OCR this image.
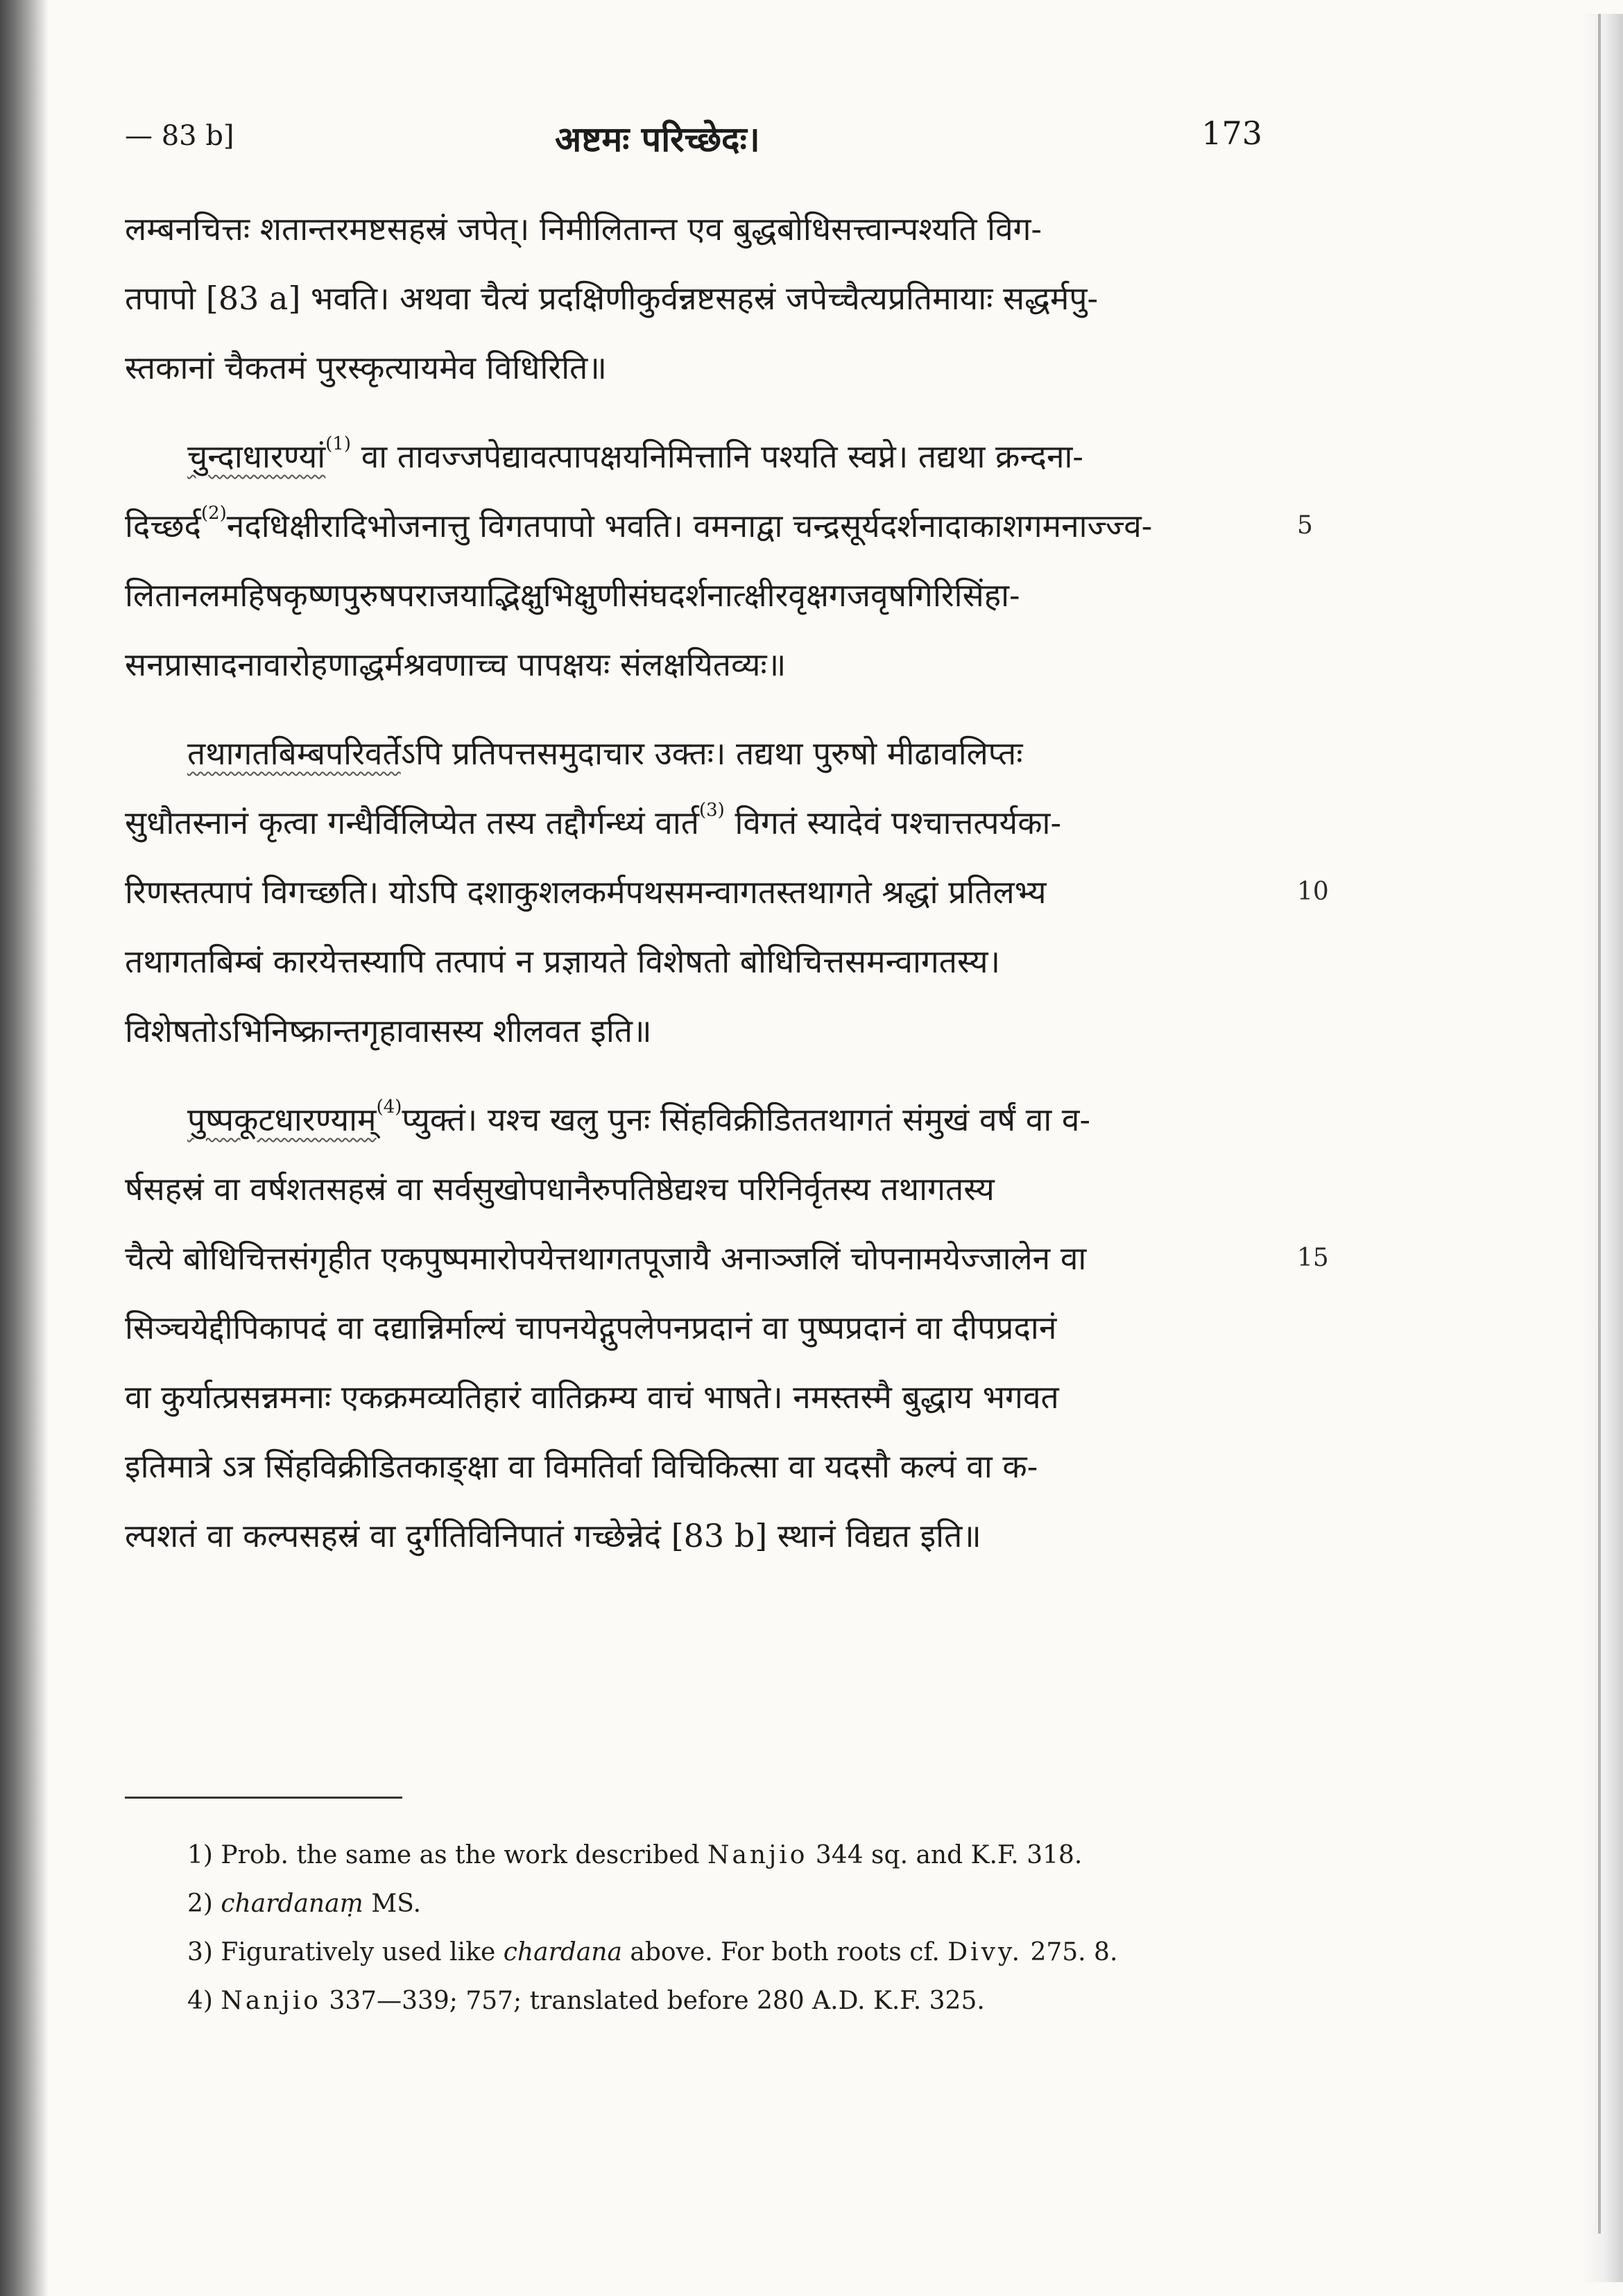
— 83 b]	अष्टमः परिच्छेदः।	173
लम्बनचित्तः शतान्तरमष्टसहस्रं जपेत्। निमीलितान्त एव बुद्धबोधिसत्त्वान्पश्यति विग-
तपापो [83 a] भवति। अथवा चैत्यं प्रदक्षिणीकुर्वन्नष्टसहस्रं जपेच्चैत्यप्रतिमायाः सद्धर्मपु-
स्तकानां चैकतमं पुरस्कृत्यायमेव विधिरिति॥
चुन्दाधारण्यां$^{(1)}$ वा तावज्जपेद्यावत्पापक्षयनिमित्तानि पश्यति स्वप्ने। तद्यथा क्रन्दना-
दिच्छर्द$^{(2)}$नदधिक्षीरादिभोजनात्तु विगतपापो भवति। वमनाद्वा चन्द्रसूर्यदर्शनादाकाशगमनाज्ज्व-	5
लितानलमहिषकृष्णपुरुषपराजयाद्भिक्षुभिक्षुणीसंघदर्शनात्क्षीरवृक्षगजवृषगिरिसिंहा-
सनप्रासादनावारोहणाद्धर्मश्रवणाच्च पापक्षयः संलक्षयितव्यः॥
तथागतबिम्बपरिवर्तेऽपि प्रतिपत्तसमुदाचार उक्तः। तद्यथा पुरुषो मीढावलिप्तः
सुधौतस्नानं कृत्वा गन्धैर्विलिप्येत तस्य तद्दौर्गन्ध्यं वार्त$^{(3)}$ विगतं स्यादेवं पश्चात्तत्पर्यका-
रिणस्तत्पापं विगच्छति। योऽपि दशाकुशलकर्मपथसमन्वागतस्तथागते श्रद्धां प्रतिलभ्य	10
तथागतबिम्बं कारयेत्तस्यापि तत्पापं न प्रज्ञायते विशेषतो बोधिचित्तसमन्वागतस्य।
विशेषतोऽभिनिष्क्रान्तगृहावासस्य शीलवत इति॥
पुष्पकूटधारण्याम्$^{(4)}$प्युक्तं। यश्च खलु पुनः सिंहविक्रीडिततथागतं संमुखं वर्षं वा व-
र्षसहस्रं वा वर्षशतसहस्रं वा सर्वसुखोपधानैरुपतिष्ठेद्यश्च परिनिर्वृतस्य तथागतस्य
चैत्ये बोधिचित्तसंगृहीत एकपुष्पमारोपयेत्तथागतपूजायै अनाञ्जलिं चोपनामयेज्जालेन वा	15
सिञ्चयेद्दीपिकापदं वा दद्यान्निर्माल्यं चापनयेद्गुपलेपनप्रदानं वा पुष्पप्रदानं वा दीपप्रदानं
वा कुर्यात्प्रसन्नमनाः एकक्रमव्यतिहारं वातिक्रम्य वाचं भाषते। नमस्तस्मै बुद्धाय भगवत
इतिमात्रे ऽत्र सिंहविक्रीडितकाङ्क्षा वा विमतिर्वा विचिकित्सा वा यदसौ कल्पं वा क-
ल्पशतं वा कल्पसहस्रं वा दुर्गतिविनिपातं गच्छेन्नेदं [83 b] स्थानं विद्यत इति॥
1) Prob. the same as the work described Nanjio 344 sq. and K.F. 318.
2) chardanaṃ MS.
3) Figuratively used like chardana above. For both roots cf. Divy. 275. 8.
4) Nanjio 337—339; 757; translated before 280 A.D. K.F. 325.
